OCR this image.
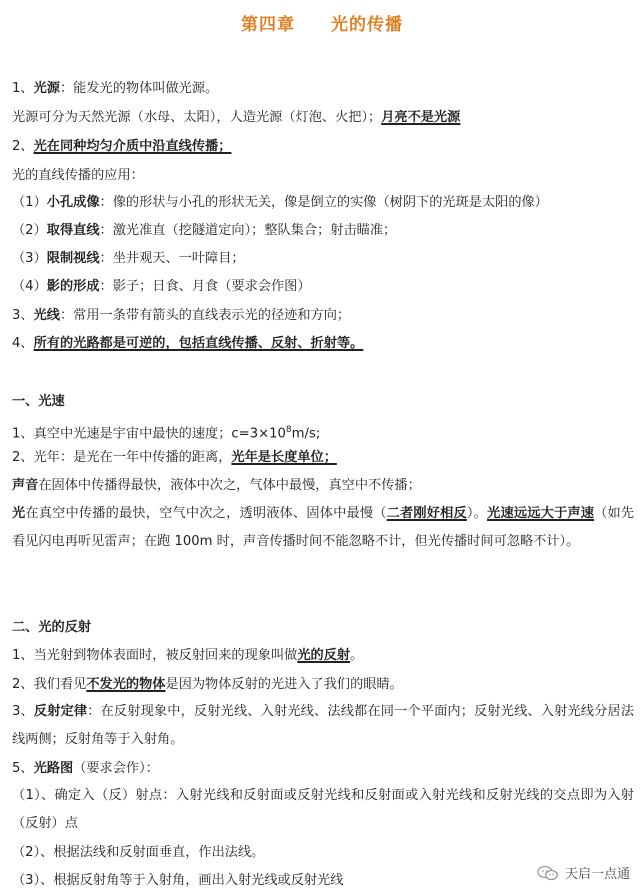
第四章 光的传播
1、光源：能发光的物体叫做光源。
光源可分为天然光源（水母、太阳），人造光源（灯泡、火把）；月亮不是光源
2、光在同种均匀介质中沿直线传播；
光的直线传播的应用：
（1）小孔成像：像的形状与小孔的形状无关，像是倒立的实像（树阴下的光斑是太阳的像）
（2）取得直线：激光准直（挖隧道定向）；整队集合；射击瞄准；
（3）限制视线：坐井观天、一叶障目；
（4）影的形成：影子；日食、月食（要求会作图）
3、光线：常用一条带有箭头的直线表示光的径迹和方向；
4、所有的光路都是可逆的，包括直线传播、反射、折射等。
一、光速
1、真空中光速是宇宙中最快的速度；$c=3\times 10^8m/s$;
2、光年：是光在一年中传播的距离，光年是长度单位；
声音在固体中传播得最快，液体中次之，气体中最慢，真空中不传播；
光在真空中传播的最快，空气中次之，透明液体、固体中最慢（二者刚好相反）。光速远远大于声速（如先看见闪电再听见雷声；在跑 100m 时，声音传播时间不能忽略不计，但光传播时间可忽略不计）。
二、光的反射
1、当光射到物体表面时，被反射回来的现象叫做光的反射。
2、我们看见不发光的物体是因为物体反射的光进入了我们的眼睛。
3、反射定律：在反射现象中，反射光线、入射光线、法线都在同一个平面内；反射光线、入射光线分居法线两侧；反射角等于入射角。
5、光路图（要求会作）：
（1）、确定入（反）射点：入射光线和反射面或反射光线和反射面或入射光线和反射光线的交点即为入射（反射）点
（2）、根据法线和反射面垂直，作出法线。
（3）、根据反射角等于入射角，画出入射光线或反射光线	天启一点通
